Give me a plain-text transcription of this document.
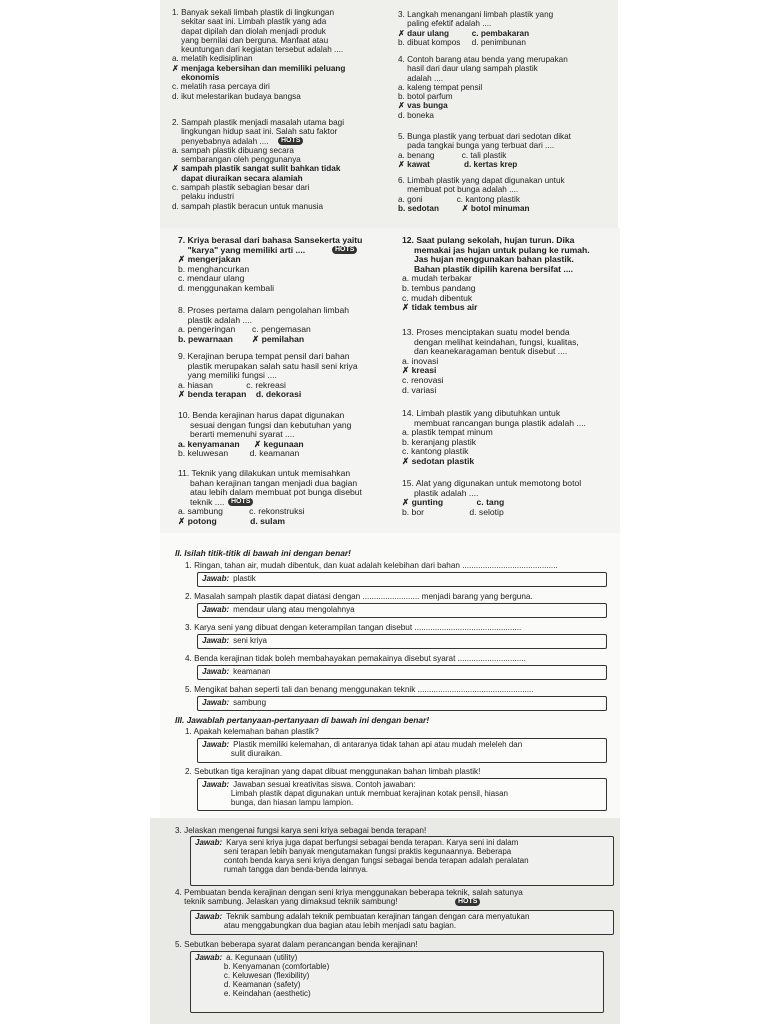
1. Banyak sekali limbah plastik di lingkungan
sekitar saat ini. Limbah plastik yang ada
dapat dipilah dan diolah menjadi produk
yang bernilai dan berguna. Manfaat atau
keuntungan dari kegiatan tersebut adalah ....
a. melatih kedisiplinan
✗ menjaga kebersihan dan memiliki peluang
ekonomis
c. melatih rasa percaya diri
d. ikut melestarikan budaya bangsa
2. Sampah plastik menjadi masalah utama bagi
lingkungan hidup saat ini. Salah satu faktor
penyebabnya adalah ....	HOTS
a. sampah plastik dibuang secara
sembarangan oleh penggunanya
✗ sampah plastik sangat sulit bahkan tidak
dapat diuraikan secara alamiah
c. sampah plastik sebagian besar dari
pelaku industri
d. sampah plastik beracun untuk manusia
3. Langkah menangani limbah plastik yang
paling efektif adalah ....
✗ daur ulang          c. pembakaran
b. dibuat kompos     d. penimbunan
4. Contoh barang atau benda yang merupakan
hasil dari daur ulang sampah plastik
adalah ....
a. kaleng tempat pensil
b. botol parfum
✗ vas bunga
d. boneka
5. Bunga plastik yang terbuat dari sedotan dikat
pada tangkai bunga yang terbuat dari ....
a. benang            c. tali plastik
✗ kawat               d. kertas krep
6. Limbah plastik yang dapat digunakan untuk
membuat pot bunga adalah ....
a. goni               c. kantong plastik
b. sedotan          ✗ botol minuman
7. Kriya berasal dari bahasa Sansekerta yaitu
"karya" yang memiliki arti ....	HOTS
✗ mengerjakan
b. menghancurkan
c. mendaur ulang
d. menggunakan kembali
8. Proses pertama dalam pengolahan limbah
plastik adalah ....
a. pengeringan       c. pengemasan
b. pewarnaan        ✗ pemilahan
9. Kerajinan berupa tempat pensil dari bahan
plastik merupakan salah satu hasil seni kriya
yang memiliki fungsi ....
a. hiasan              c. rekreasi
✗ benda terapan    d. dekorasi
10. Benda kerajinan harus dapat digunakan
sesuai dengan fungsi dan kebutuhan yang
berarti memenuhi syarat ....
a. kenyamanan      ✗ kegunaan
b. keluwesan         d. keamanan
11. Teknik yang dilakukan untuk memisahkan
bahan kerajinan tangan menjadi dua bagian
atau lebih dalam membuat pot bunga disebut
teknik .... HOTS
a. sambung           c. rekonstruksi
✗ potong              d. sulam
12. Saat pulang sekolah, hujan turun. Dika
memakai jas hujan untuk pulang ke rumah.
Jas hujan menggunakan bahan plastik.
Bahan plastik dipilih karena bersifat ....
a. mudah terbakar
b. tembus pandang
c. mudah dibentuk
✗ tidak tembus air
13. Proses menciptakan suatu model benda
dengan melihat keindahan, fungsi, kualitas,
dan keanekaragaman bentuk disebut ....
a. inovasi
✗ kreasi
c. renovasi
d. variasi
14. Limbah plastik yang dibutuhkan untuk
membuat rancangan bunga plastik adalah ....
a. plastik tempat minum
b. keranjang plastik
c. kantong plastik
✗ sedotan plastik
15. Alat yang digunakan untuk memotong botol
plastik adalah ....
✗ gunting              c. tang
b. bor                   d. selotip
II. Isilah titik-titik di bawah ini dengan benar!
1. Ringan, tahan air, mudah dibentuk, dan kuat adalah kelebihan dari bahan ..........................................
Jawab: plastik
2. Masalah sampah plastik dapat diatasi dengan ......................... menjadi barang yang berguna.
Jawab: mendaur ulang atau mengolahnya
3. Karya seni yang dibuat dengan keterampilan tangan disebut ...............................................
Jawab: seni kriya
4. Benda kerajinan tidak boleh membahayakan pemakainya disebut syarat ..............................
Jawab: keamanan
5. Mengikat bahan seperti tali dan benang menggunakan teknik ...................................................
Jawab: sambung
III. Jawablah pertanyaan-pertanyaan di bawah ini dengan benar!
1. Apakah kelemahan bahan plastik?
Jawab: Plastik memiliki kelemahan, di antaranya tidak tahan api atau mudah meleleh dan
sulit diuraikan.
2. Sebutkan tiga kerajinan yang dapat dibuat menggunakan bahan limbah plastik!
Jawab: Jawaban sesuai kreativitas siswa. Contoh jawaban:
Limbah plastik dapat digunakan untuk membuat kerajinan kotak pensil, hiasan
bunga, dan hiasan lampu lampion.
3. Jelaskan mengenai fungsi karya seni kriya sebagai benda terapan!
Jawab: Karya seni kriya juga dapat berfungsi sebagai benda terapan. Karya seni ini dalam
seni terapan lebih banyak mengutamakan fungsi praktis kegunaannya. Beberapa
contoh benda karya seni kriya dengan fungsi sebagai benda terapan adalah peralatan
rumah tangga dan benda-benda lainnya.
4. Pembuatan benda kerajinan dengan seni kriya menggunakan beberapa teknik, salah satunya
teknik sambung. Jelaskan yang dimaksud teknik sambung!	HOTS
Jawab: Teknik sambung adalah teknik pembuatan kerajinan tangan dengan cara menyatukan
atau menggabungkan dua bagian atau lebih menjadi satu bagian.
5. Sebutkan beberapa syarat dalam perancangan benda kerajinan!
Jawab: a. Kegunaan (utility)
b. Kenyamanan (comfortable)
c. Keluwesan (flexibility)
d. Keamanan (safety)
e. Keindahan (aesthetic)
